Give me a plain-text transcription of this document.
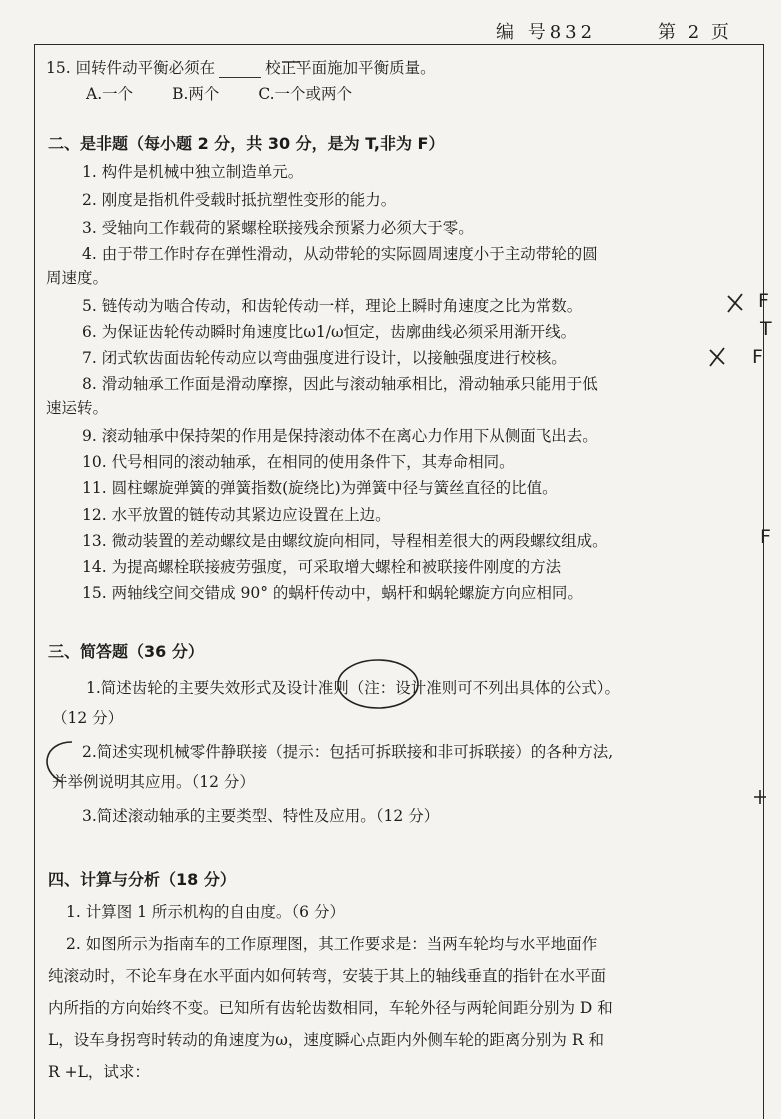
编 号832	第 2 页
15. 回转件动平衡必须在	校正平面施加平衡质量。
A.一个	B.两个	C.一个或两个
二、是非题（每小题 2 分，共 30 分，是为 T,非为 F）
1. 构件是机械中独立制造单元。
2. 刚度是指机件受载时抵抗塑性变形的能力。
3. 受轴向工作载荷的紧螺栓联接残余预紧力必须大于零。
4. 由于带工作时存在弹性滑动，从动带轮的实际圆周速度小于主动带轮的圆
周速度。
5. 链传动为啮合传动，和齿轮传动一样，理论上瞬时角速度之比为常数。
6. 为保证齿轮传动瞬时角速度比ω1/ω恒定，齿廓曲线必须采用渐开线。
7. 闭式软齿面齿轮传动应以弯曲强度进行设计，以接触强度进行校核。
8. 滑动轴承工作面是滑动摩擦，因此与滚动轴承相比，滑动轴承只能用于低
速运转。
9. 滚动轴承中保持架的作用是保持滚动体不在离心力作用下从侧面飞出去。
10. 代号相同的滚动轴承，在相同的使用条件下，其寿命相同。
11. 圆柱螺旋弹簧的弹簧指数(旋绕比)为弹簧中径与簧丝直径的比值。
12. 水平放置的链传动其紧边应设置在上边。
13. 微动装置的差动螺纹是由螺纹旋向相同，导程相差很大的两段螺纹组成。
14. 为提高螺栓联接疲劳强度，可采取增大螺栓和被联接件刚度的方法
15. 两轴线空间交错成 90° 的蜗杆传动中，蜗杆和蜗轮螺旋方向应相同。
三、简答题（36 分）
1.简述齿轮的主要失效形式及设计准则（注：设计准则可不列出具体的公式）。
（12 分）
2.简述实现机械零件静联接（提示：包括可拆联接和非可拆联接）的各种方法,
并举例说明其应用。（12 分）
3.简述滚动轴承的主要类型、特性及应用。（12 分）
四、计算与分析（18 分）
1. 计算图 1 所示机构的自由度。（6 分）
2. 如图所示为指南车的工作原理图，其工作要求是：当两车轮均与水平地面作
纯滚动时，不论车身在水平面内如何转弯，安装于其上的轴线垂直的指针在水平面
内所指的方向始终不变。已知所有齿轮齿数相同，车轮外径与两轮间距分别为 D 和
L，设车身拐弯时转动的角速度为ω，速度瞬心点距内外侧车轮的距离分别为 R 和
R +L，试求：
F
T
F
F
